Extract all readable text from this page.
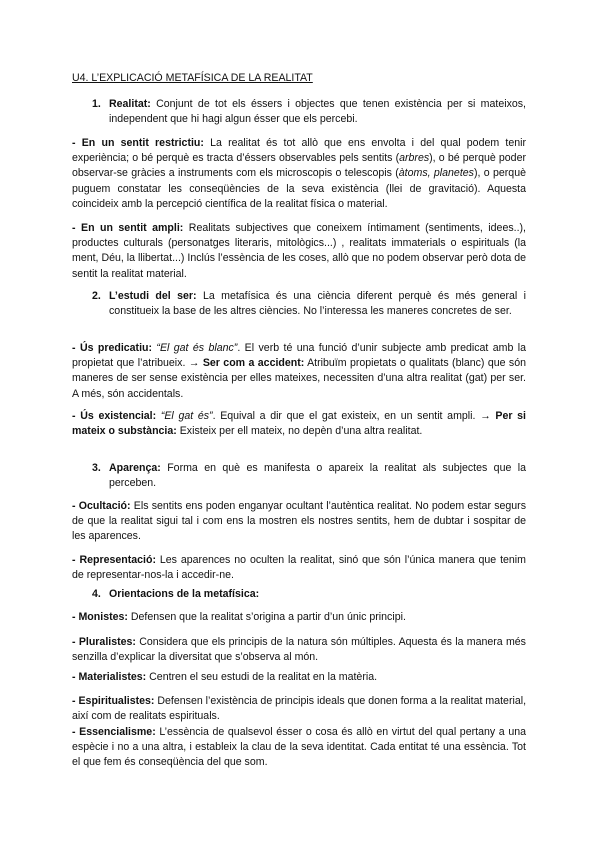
U4. L’EXPLICACIÓ METAFÍSICA DE LA REALITAT
1. Realitat: Conjunt de tot els éssers i objectes que tenen existència per si mateixos, independent que hi hagi algun ésser que els percebi.

- En un sentit restrictiu: La realitat és tot allò que ens envolta i del qual podem tenir experiència; o bé perquè es tracta d’éssers observables pels sentits (arbres), o bé perquè poder observar-se gràcies a instruments com els microscopis o telescopis (àtoms, planetes), o perquè puguem constatar les conseqüències de la seva existència (llei de gravitació). Aquesta coincideix amb la percepció científica de la realitat física o material.

- En un sentit ampli: Realitats subjectives que coneixem íntimament (sentiments, idees..), productes culturals (personatges literaris, mitològics...) , realitats immaterials o espirituals (la ment, Déu, la llibertat...) Inclús l’essència de les coses, allò que no podem observar però dota de sentit la realitat material.

2. L’estudi del ser: La metafísica és una ciència diferent perquè és més general i constitueix la base de les altres ciències. No l’interessa les maneres concretes de ser.

- Ús predicatiu: “El gat és blanc”. El verb té una funció d’unir subjecte amb predicat amb la propietat que l’atribueix. → Ser com a accident: Atribuïm propietats o qualitats (blanc) que són maneres de ser sense existència per elles mateixes, necessiten d’una altra realitat (gat) per ser. A més, són accidentals.

- Ús existencial: “El gat és”. Equival a dir que el gat existeix, en un sentit ampli. → Per si mateix o substància: Existeix per ell mateix, no depèn d’una altra realitat.

3. Aparença: Forma en què es manifesta o apareix la realitat als subjectes que la perceben.

- Ocultació: Els sentits ens poden enganyar ocultant l’autèntica realitat. No podem estar segurs de que la realitat sigui tal i com ens la mostren els nostres sentits, hem de dubtar i sospitar de les aparences.

- Representació: Les aparences no oculten la realitat, sinó que són l’única manera que tenim de representar-nos-la i accedir-ne.

4. Orientacions de la metafísica:

- Monistes: Defensen que la realitat s’origina a partir d’un únic principi.

- Pluralistes: Considera que els principis de la natura són múltiples. Aquesta és la manera més senzilla d’explicar la diversitat que s’observa al món.

- Materialistes: Centren el seu estudi de la realitat en la matèria.

- Espiritualistes: Defensen l’existència de principis ideals que donen forma a la realitat material, així com de realitats espirituals.

- Essencialisme: L’essència de qualsevol ésser o cosa és allò en virtut del qual pertany a una espècie i no a una altra, i estableix la clau de la seva identitat. Cada entitat té una essència. Tot el que fem és conseqüència del que som.
